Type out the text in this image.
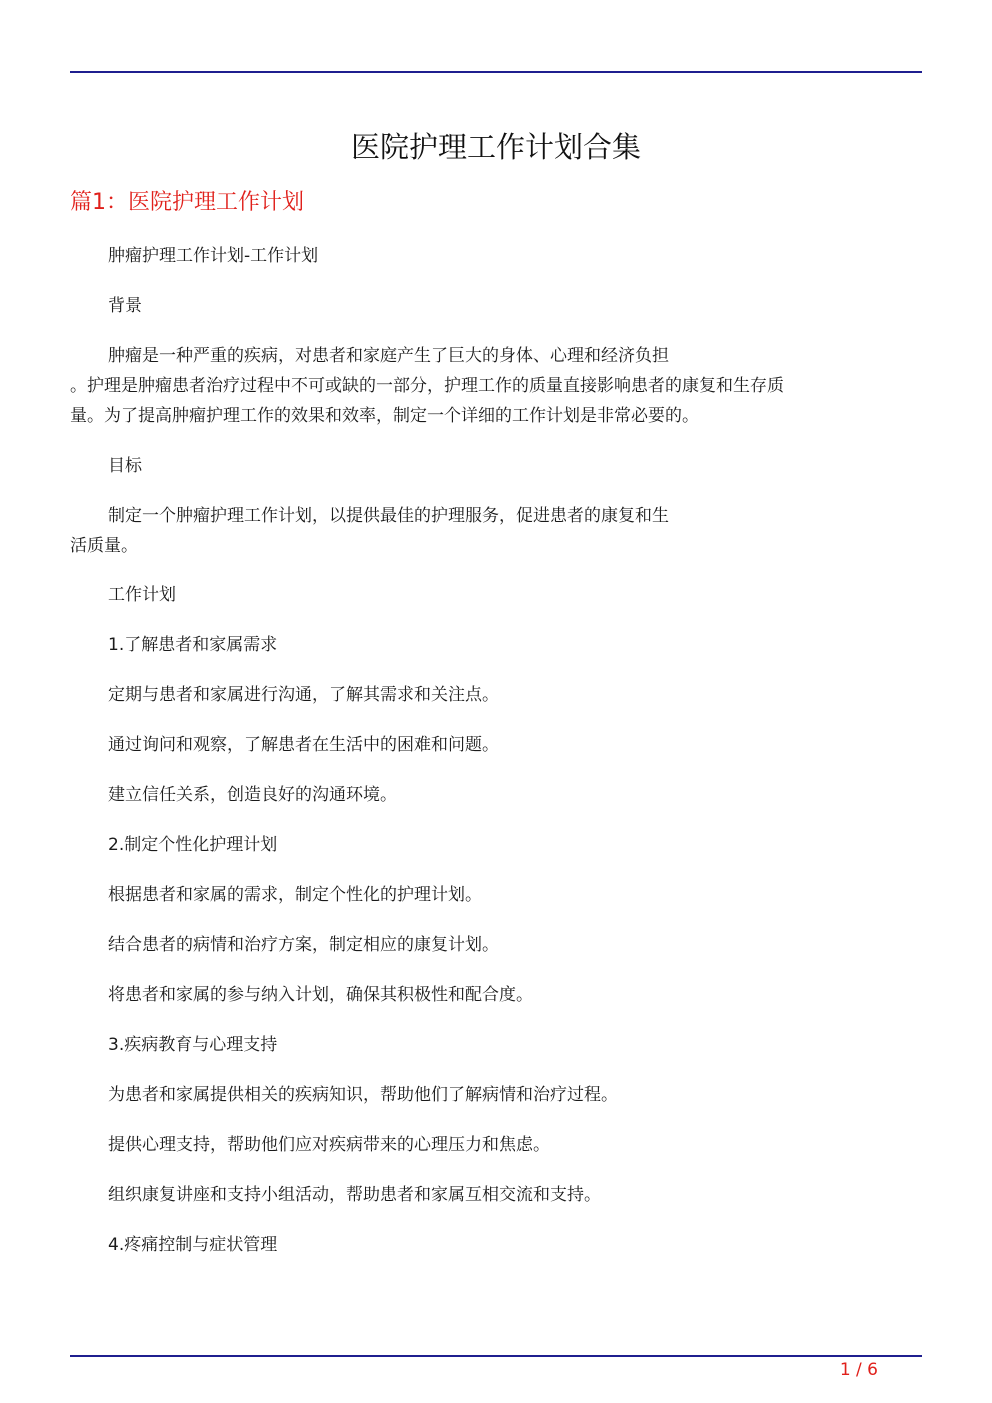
医院护理工作计划合集
篇1：医院护理工作计划

肿瘤护理工作计划-工作计划

背景

肿瘤是一种严重的疾病，对患者和家庭产生了巨大的身体、心理和经济负担
。护理是肿瘤患者治疗过程中不可或缺的一部分，护理工作的质量直接影响患者的康复和生存质
量。为了提高肿瘤护理工作的效果和效率，制定一个详细的工作计划是非常必要的。

目标

制定一个肿瘤护理工作计划，以提供最佳的护理服务，促进患者的康复和生
活质量。

工作计划

1.了解患者和家属需求

定期与患者和家属进行沟通，了解其需求和关注点。

通过询问和观察，了解患者在生活中的困难和问题。

建立信任关系，创造良好的沟通环境。

2.制定个性化护理计划

根据患者和家属的需求，制定个性化的护理计划。

结合患者的病情和治疗方案，制定相应的康复计划。

将患者和家属的参与纳入计划，确保其积极性和配合度。

3.疾病教育与心理支持

为患者和家属提供相关的疾病知识，帮助他们了解病情和治疗过程。

提供心理支持，帮助他们应对疾病带来的心理压力和焦虑。

组织康复讲座和支持小组活动，帮助患者和家属互相交流和支持。

4.疼痛控制与症状管理

1 / 6
